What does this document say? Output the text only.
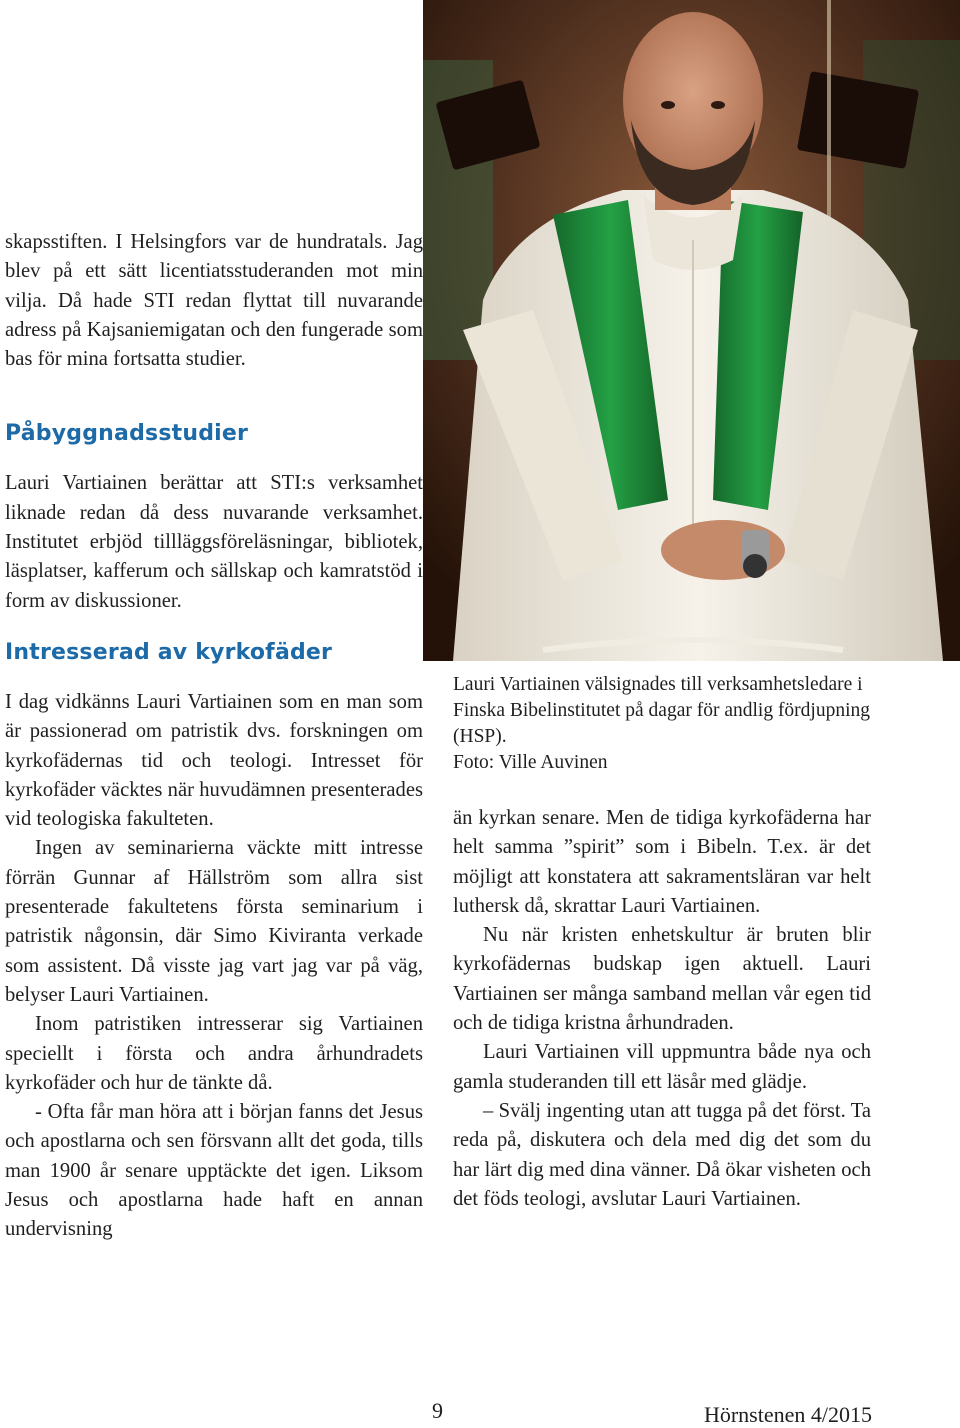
skapsstiften. I Helsingfors var de hundratals. Jag blev på ett sätt licentiatsstuderanden mot min vilja. Då hade STI redan flyttat till nuvarande adress på Kajsaniemigatan och den fungerade som bas för mina fortsatta studier.

Påbyggnadsstudier

Lauri Vartiainen berättar att STI:s verksamhet liknade redan då dess nuvarande verksamhet. Institutet erbjöd tillläggsföreläsningar, bibliotek, läsplatser, kafferum och sällskap och kamratstöd i form av diskussioner.

Intresserad av kyrkofäder

I dag vidkänns Lauri Vartiainen som en man som är passionerad om patristik dvs. forskningen om kyrkofädernas tid och teologi. Intresset för kyrkofäder väcktes när huvudämnen presenterades vid teologiska fakulteten.

Ingen av seminarierna väckte mitt intresse förrän Gunnar af Hällström som allra sist presenterade fakultetens första seminarium i patristik någonsin, där Simo Kiviranta verkade som assistent. Då visste jag vart jag var på väg, belyser Lauri Vartiainen.

Inom patristiken intresserar sig Vartiainen speciellt i första och andra århundradets kyrkofäder och hur de tänkte då.

- Ofta får man höra att i början fanns det Jesus och apostlarna och sen försvann allt det goda, tills man 1900 år senare upptäckte det igen. Liksom Jesus och apostlarna hade haft en annan undervisning

Lauri Vartiainen välsignades till verksamhetsledare i Finska Bibelinstitutet på dagar för andlig fördjupning (HSP).

Foto: Ville Auvinen

än kyrkan senare. Men de tidiga kyrkofäderna har helt samma ”spirit” som i Bibeln. T.ex. är det möjligt att konstatera att sakramentsläran var helt luthersk då, skrattar Lauri Vartiainen.

Nu när kristen enhetskultur är bruten blir kyrkofädernas budskap igen aktuell. Lauri Vartiainen ser många samband mellan vår egen tid och de tidiga kristna århundraden.

Lauri Vartiainen vill uppmuntra både nya och gamla studeranden till ett läsår med glädje.

– Svälj ingenting utan att tugga på det först. Ta reda på, diskutera och dela med dig det som du har lärt dig med dina vänner. Då ökar visheten och det föds teologi, avslutar Lauri Vartiainen.

9	Hörnstenen 4/2015
